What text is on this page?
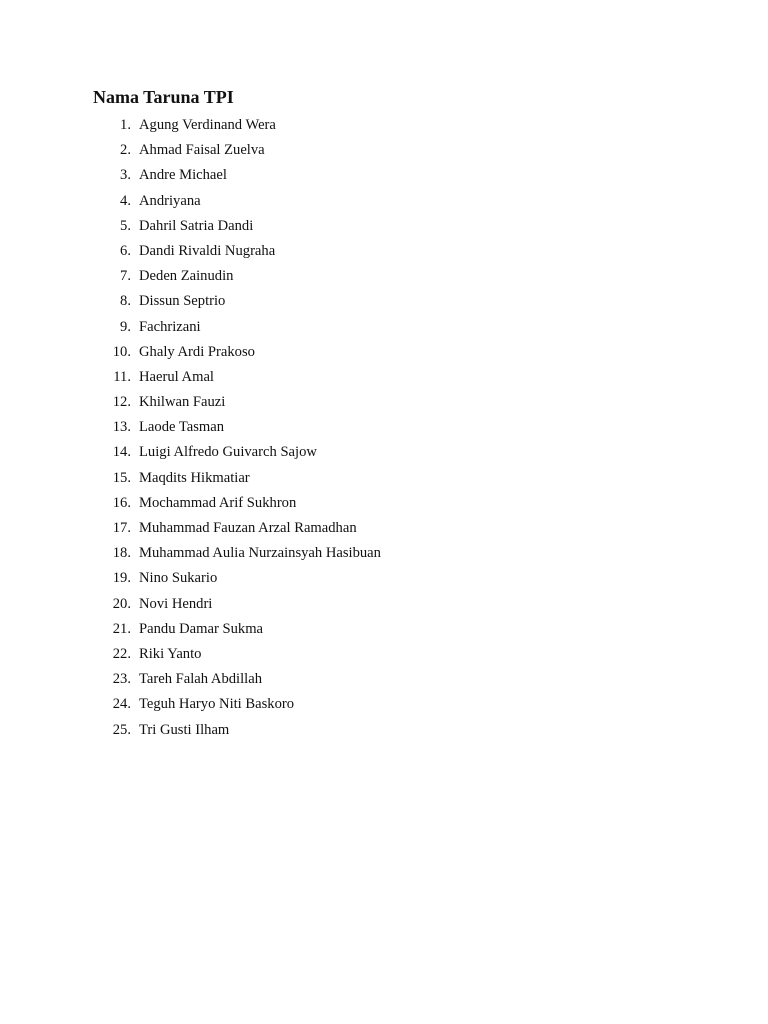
Nama Taruna TPI
1. Agung Verdinand Wera
2. Ahmad Faisal Zuelva
3. Andre Michael
4. Andriyana
5. Dahril Satria Dandi
6. Dandi Rivaldi Nugraha
7. Deden Zainudin
8. Dissun Septrio
9. Fachrizani
10. Ghaly Ardi Prakoso
11. Haerul Amal
12. Khilwan Fauzi
13. Laode Tasman
14. Luigi Alfredo Guivarch Sajow
15. Maqdits Hikmatiar
16. Mochammad Arif Sukhron
17. Muhammad Fauzan Arzal Ramadhan
18. Muhammad Aulia Nurzainsyah Hasibuan
19. Nino Sukario
20. Novi Hendri
21. Pandu Damar Sukma
22. Riki Yanto
23. Tareh Falah Abdillah
24. Teguh Haryo Niti Baskoro
25. Tri Gusti Ilham
